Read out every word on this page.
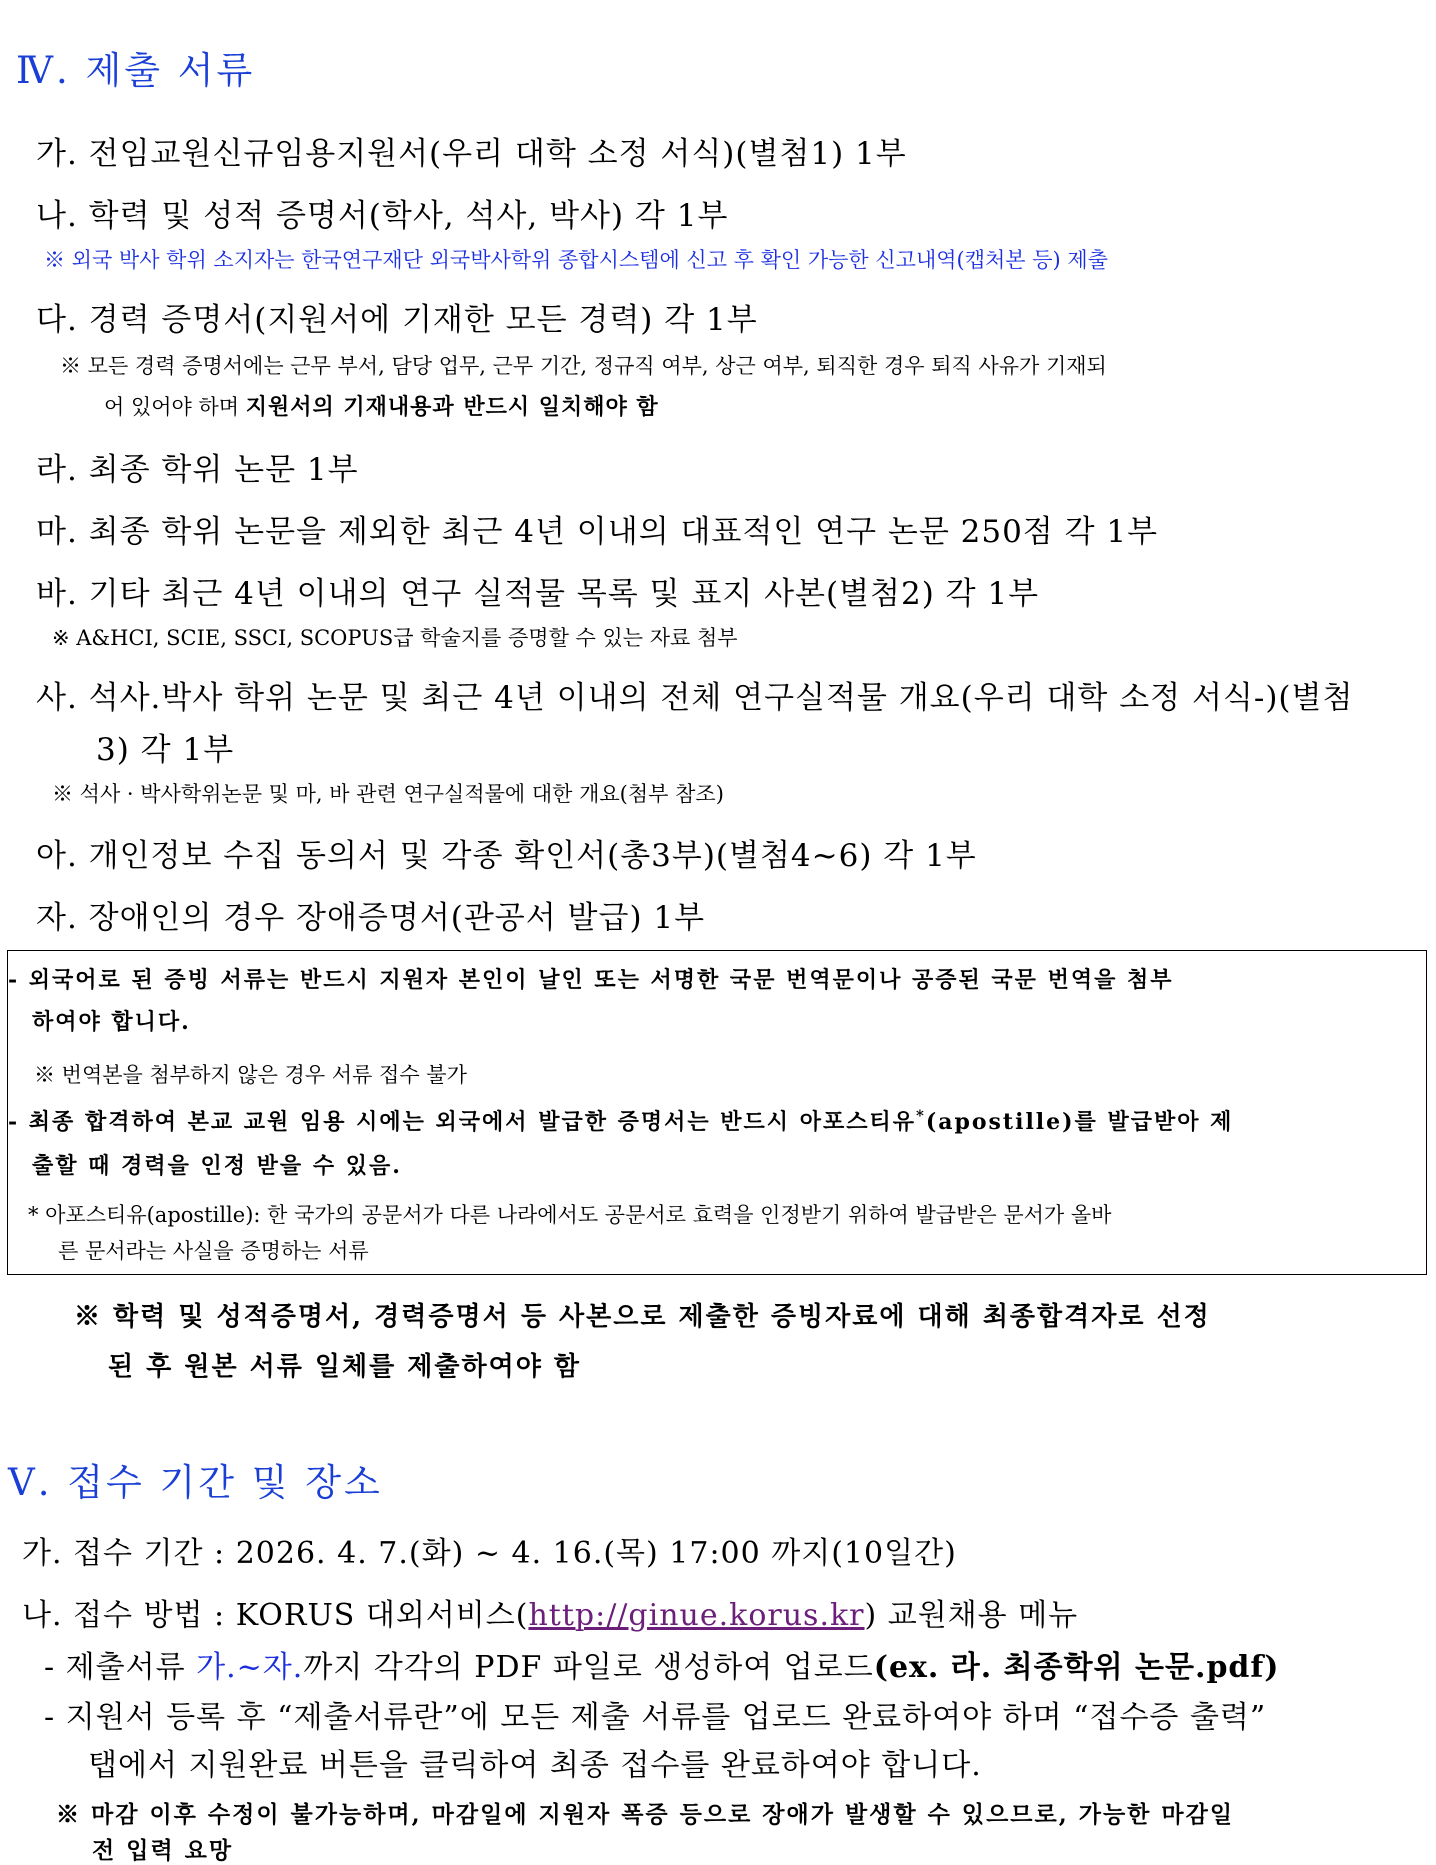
Ⅳ. 제출 서류
가. 전임교원신규임용지원서(우리 대학 소정 서식)(별첨1) 1부
나. 학력 및 성적 증명서(학사, 석사, 박사) 각 1부
※ 외국 박사 학위 소지자는 한국연구재단 외국박사학위 종합시스템에 신고 후 확인 가능한 신고내역(캡처본 등) 제출
다. 경력 증명서(지원서에 기재한 모든 경력) 각 1부
※ 모든 경력 증명서에는 근무 부서, 담당 업무, 근무 기간, 정규직 여부, 상근 여부, 퇴직한 경우 퇴직 사유가 기재되
어 있어야 하며 지원서의 기재내용과 반드시 일치해야 함
라. 최종 학위 논문 1부
마. 최종 학위 논문을 제외한 최근 4년 이내의 대표적인 연구 논문 250점 각 1부
바. 기타 최근 4년 이내의 연구 실적물 목록 및 표지 사본(별첨2) 각 1부
※ A&HCI, SCIE, SSCI, SCOPUS급 학술지를 증명할 수 있는 자료 첨부
사. 석사.박사 학위 논문 및 최근 4년 이내의 전체 연구실적물 개요(우리 대학 소정 서식-)(별첨
3) 각 1부
※ 석사 · 박사학위논문 및 마, 바 관련 연구실적물에 대한 개요(첨부 참조)
아. 개인정보 수집 동의서 및 각종 확인서(총3부)(별첨4~6) 각 1부
자. 장애인의 경우 장애증명서(관공서 발급) 1부
- 외국어로 된 증빙 서류는 반드시 지원자 본인이 날인 또는 서명한 국문 번역문이나 공증된 국문 번역을 첨부
하여야 합니다.
※ 번역본을 첨부하지 않은 경우 서류 접수 불가
- 최종 합격하여 본교 교원 임용 시에는 외국에서 발급한 증명서는 반드시 아포스티유*(apostille)를 발급받아 제
출할 때 경력을 인정 받을 수 있음.
* 아포스티유(apostille): 한 국가의 공문서가 다른 나라에서도 공문서로 효력을 인정받기 위하여 발급받은 문서가 올바
른 문서라는 사실을 증명하는 서류
※ 학력 및 성적증명서, 경력증명서 등 사본으로 제출한 증빙자료에 대해 최종합격자로 선정
된 후 원본 서류 일체를 제출하여야 함
Ⅴ. 접수 기간 및 장소
가. 접수 기간 : 2026. 4. 7.(화) ~ 4. 16.(목) 17:00 까지(10일간)
나. 접수 방법 : KORUS 대외서비스(http://ginue.korus.kr) 교원채용 메뉴
- 제출서류 가.~자.까지 각각의 PDF 파일로 생성하여 업로드(ex. 라. 최종학위 논문.pdf)
- 지원서 등록 후 “제출서류란”에 모든 제출 서류를 업로드 완료하여야 하며 “접수증 출력”
탭에서 지원완료 버튼을 클릭하여 최종 접수를 완료하여야 합니다.
※ 마감 이후 수정이 불가능하며, 마감일에 지원자 폭증 등으로 장애가 발생할 수 있으므로, 가능한 마감일
전 입력 요망
